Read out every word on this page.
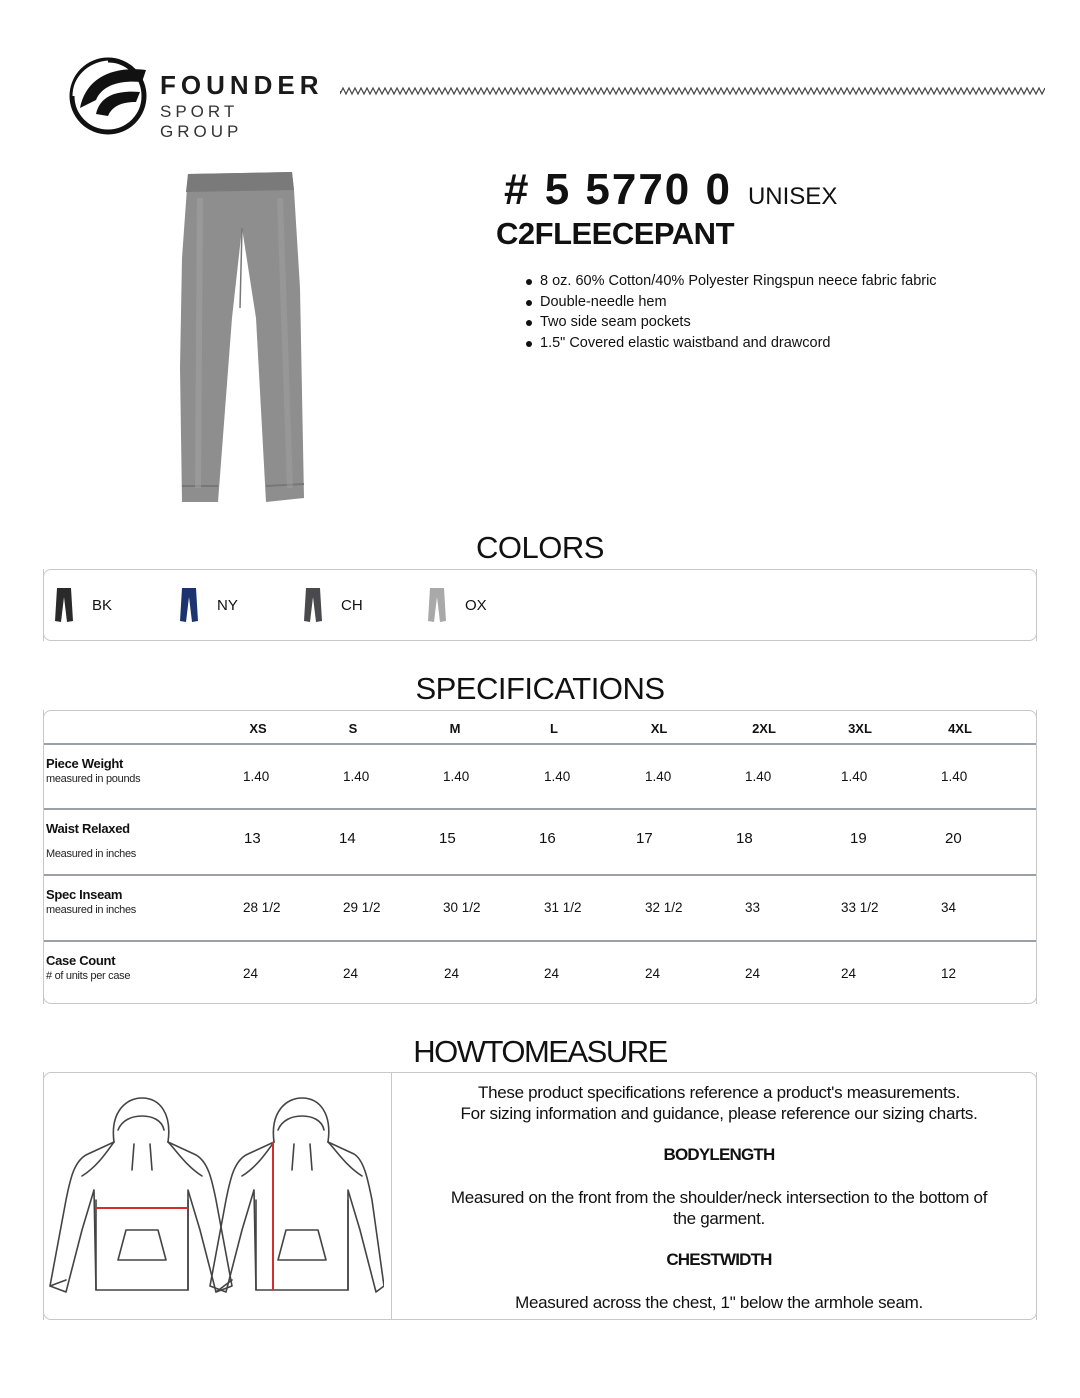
FOUNDER
SPORT GROUP
# 5 5770 0 UNISEX
C2FLEECEPANT
8 oz. 60% Cotton/40% Polyester Ringspun neece fabric fabric
Double-needle hem
Two side seam pockets
1.5" Covered elastic waistband and drawcord
COLORS
BK	NY	CH	OX
SPECIFICATIONS
XS	S	M	L	XL	2XL	3XL	4XL
Piece Weight
measured in pounds	1.40	1.40	1.40	1.40	1.40	1.40	1.40	1.40
Waist Relaxed
Measured in inches
13	14	15	16	17	18	19	20
Spec Inseam
measured in inches	28 1/2	29 1/2	30 1/2	31 1/2	32 1/2	33	33 1/2	34
Case Count
# of units per case	24	24	24	24	24	24	24	12
HOWTOMEASURE
These product specifications reference a product's measurements.
For sizing information and guidance, please reference our sizing charts.
BODYLENGTH
Measured on the front from the shoulder/neck intersection to the bottom of
the garment.
CHESTWIDTH
Measured across the chest, 1" below the armhole seam.
